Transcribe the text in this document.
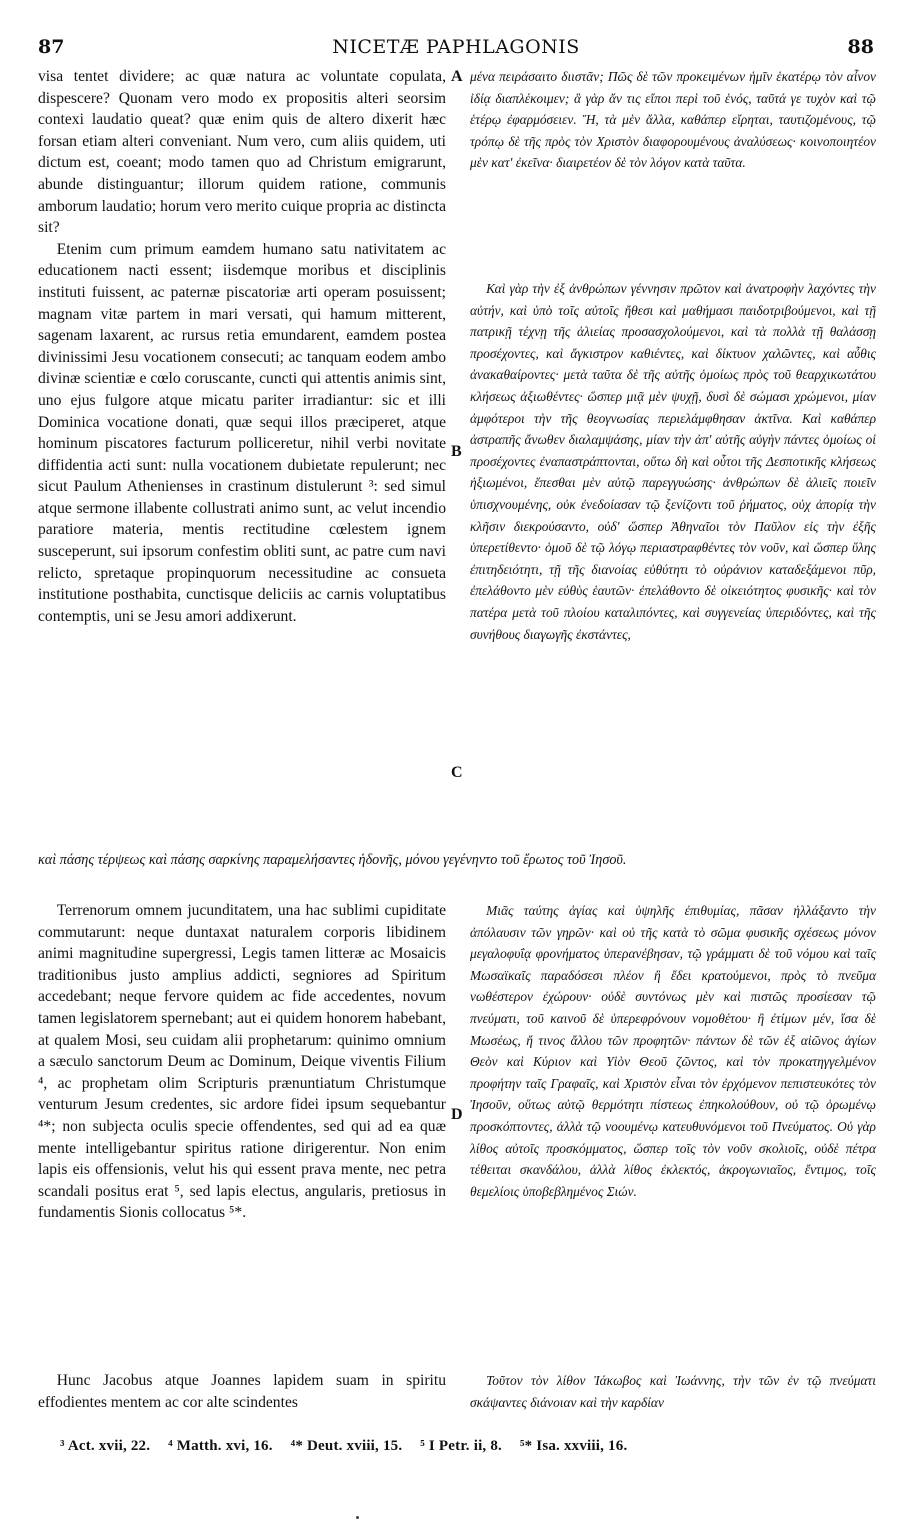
87	NICETÆ PAPHLAGONIS	88

visa tentet dividere; ac quæ natura ac voluntate copulata, dispescere? Quonam vero modo ex propositis alteri seorsim contexi laudatio queat? quæ enim quis de altero dixerit hæc forsan etiam alteri conveniant. Num vero, cum aliis quidem, uti dictum est, coeant; modo tamen quo ad Christum emigrarunt, abunde distinguantur; illorum quidem ratione, communis amborum laudatio; horum vero merito cuique propria ac distincta sit?

Etenim cum primum eamdem humano satu nativitatem ac educationem nacti essent; iisdemque moribus et disciplinis instituti fuissent, ac paternæ piscatoriæ arti operam posuissent; magnam vitæ partem in mari versati, qui hamum mitterent, sagenam laxarent, ac rursus retia emundarent, eamdem postea divinissimi Jesu vocationem consecuti; ac tanquam eodem ambo divinæ scientiæ e cœlo coruscante, cuncti qui attentis animis sint, uno ejus fulgore atque micatu pariter irradiantur: sic et illi Dominica vocatione donati, quæ sequi illos præciperet, atque hominum piscatores facturum polliceretur, nihil verbi novitate diffidentia acti sunt: nulla vocationem dubietate repulerunt; nec sicut Paulum Athenienses in crastinum distulerunt ³: sed simul atque sermone illabente collustrati animo sunt, ac velut incendio paratiore materia, mentis rectitudine cœlestem ignem susceperunt, sui ipsorum confestim obliti sunt, ac patre cum navi relicto, spretaque propinquorum necessitudine ac consueta institutione posthabita, cunctisque deliciis ac carnis voluptatibus contemptis, uni se Jesu amori addixerunt.

Terrenorum omnem jucunditatem, una hac sublimi cupiditate commutarunt: neque duntaxat naturalem corporis libidinem animi magnitudine supergressi, Legis tamen litteræ ac Mosaicis traditionibus justo amplius addicti, segniores ad Spiritum accedebant; neque fervore quidem ac fide accedentes, novum tamen legislatorem spernebant; aut ei quidem honorem habebant, at qualem Mosi, seu cuidam alii prophetarum: quinimo omnium a sæculo sanctorum Deum ac Dominum, Deique viventis Filium ⁴, ac prophetam olim Scripturis prænuntiatum Christumque venturum Jesum credentes, sic ardore fidei ipsum sequebantur ⁴*; non subjecta oculis specie offendentes, sed qui ad ea quæ mente intelligebantur spiritus ratione dirigerentur. Non enim lapis eis offensionis, velut his qui essent prava mente, nec petra scandali positus erat ⁵, sed lapis electus, angularis, pretiosus in fundamentis Sionis collocatus ⁵*.

Hunc Jacobus atque Joannes lapidem suam in spiritu effodientes mentem ac cor alte scindentes

A
B
C
D

μένα πειράσαιτο διιστᾶν; Πῶς δὲ τῶν προκειμένων ἡμῖν ἑκατέρῳ τὸν αἶνον ἰδίᾳ διαπλέκοιμεν; ἃ γὰρ ἄν τις εἴποι περὶ τοῦ ἑνός, ταῦτά γε τυχὸν καὶ τῷ ἑτέρῳ ἐφαρμόσειεν. Ἤ, τὰ μὲν ἄλλα, καθάπερ εἴρηται, ταυτιζομένους, τῷ τρόπῳ δὲ τῆς πρὸς τὸν Χριστὸν διαφορουμένους ἀναλύσεως· κοινοποιητέον μὲν κατ' ἐκεῖνα· διαιρετέον δὲ τὸν λόγον κατὰ ταῦτα.

Καὶ γὰρ τὴν ἐξ ἀνθρώπων γέννησιν πρῶτον καὶ ἀνατροφὴν λαχόντες τὴν αὐτήν, καὶ ὑπὸ τοῖς αὐτοῖς ἤθεσι καὶ μαθήμασι παιδοτριβούμενοι, καὶ τῇ πατρικῇ τέχνῃ τῆς ἁλιείας προσασχολούμενοι, καὶ τὰ πολλὰ τῇ θαλάσσῃ προσέχοντες, καὶ ἄγκιστρον καθιέντες, καὶ δίκτυον χαλῶντες, καὶ αὖθις ἀνακαθαίροντες· μετὰ ταῦτα δὲ τῆς αὐτῆς ὁμοίως πρὸς τοῦ θεαρχικωτάτου κλήσεως ἀξιωθέντες· ὥσπερ μιᾷ μὲν ψυχῇ, δυσὶ δὲ σώμασι χρώμενοι, μίαν ἀμφότεροι τὴν τῆς θεογνωσίας περιελάμφθησαν ἀκτῖνα. Καὶ καθάπερ ἀστραπῆς ἄνωθεν διαλαμψάσης, μίαν τὴν ἀπ' αὐτῆς αὐγὴν πάντες ὁμοίως οἱ προσέχοντες ἐναπαστράπτονται, οὕτω δὴ καὶ οὗτοι τῆς Δεσποτικῆς κλήσεως ἠξιωμένοι, ἕπεσθαι μὲν αὐτῷ παρεγγυώσης· ἀνθρώπων δὲ ἁλιεῖς ποιεῖν ὑπισχνουμένης, οὐκ ἐνεδοίασαν τῷ ξενίζοντι τοῦ ῥήματος, οὐχ ἀπορίᾳ τὴν κλῆσιν διεκρούσαντο, οὐδ' ὥσπερ Ἀθηναῖοι τὸν Παῦλον εἰς τὴν ἐξῆς ὑπερετίθεντο· ὁμοῦ δὲ τῷ λόγῳ περιαστραφθέντες τὸν νοῦν, καὶ ὥσπερ ὕλης ἐπιτηδειότητι, τῇ τῆς διανοίας εὐθύτητι τὸ οὐράνιον καταδεξάμενοι πῦρ, ἐπελάθοντο μὲν εὐθὺς ἑαυτῶν· ἐπελάθοντο δὲ οἰκειότητος φυσικῆς· καὶ τὸν πατέρα μετὰ τοῦ πλοίου καταλιπόντες, καὶ συγγενείας ὑπεριδόντες, καὶ τῆς συνήθους διαγωγῆς ἐκστάντες,

καὶ πάσης τέρψεως καὶ πάσης σαρκίνης παραμελήσαντες ἡδονῆς, μόνου γεγένηντο τοῦ ἔρωτος τοῦ Ἰησοῦ.

Μιᾶς ταύτης ἁγίας καὶ ὑψηλῆς ἐπιθυμίας, πᾶσαν ἠλλάξαντο τὴν ἀπόλαυσιν τῶν γηρῶν· καὶ οὐ τῆς κατὰ τὸ σῶμα φυσικῆς σχέσεως μόνον μεγαλοφυΐᾳ φρονήματος ὑπερανέβησαν, τῷ γράμματι δὲ τοῦ νόμου καὶ ταῖς Μωσαϊκαῖς παραδόσεσι πλέον ἢ ἔδει κρατούμενοι, πρὸς τὸ πνεῦμα νωθέστερον ἐχώρουν· οὐδὲ συντόνως μὲν καὶ πιστῶς προσίεσαν τῷ πνεύματι, τοῦ καινοῦ δὲ ὑπερεφρόνουν νομοθέτου· ἢ ἐτίμων μέν, ἴσα δὲ Μωσέως, ἤ τινος ἄλλου τῶν προφητῶν· πάντων δὲ τῶν ἐξ αἰῶνος ἁγίων Θεὸν καὶ Κύριον καὶ Υἱὸν Θεοῦ ζῶντος, καὶ τὸν προκατηγγελμένον προφήτην ταῖς Γραφαῖς, καὶ Χριστὸν εἶναι τὸν ἐρχόμενον πεπιστευκότες τὸν Ἰησοῦν, οὕτως αὐτῷ θερμότητι πίστεως ἐπηκολούθουν, οὐ τῷ ὁρωμένῳ προσκόπτοντες, ἀλλὰ τῷ νοουμένῳ κατευθυνόμενοι τοῦ Πνεύματος. Οὐ γὰρ λίθος αὐτοῖς προσκόμματος, ὥσπερ τοῖς τὸν νοῦν σκολιοῖς, οὐδὲ πέτρα τέθειται σκανδάλου, ἀλλὰ λίθος ἐκλεκτός, ἀκρογωνιαῖος, ἔντιμος, τοῖς θεμελίοις ὑποβεβλημένος Σιών.

Τοῦτον τὸν λίθον Ἰάκωβος καὶ Ἰωάννης, τὴν τῶν ἐν τῷ πνεύματι σκάψαντες διάνοιαν καὶ τὴν καρδίαν

³ Act. xvii, 22. ⁴ Matth. xvi, 16. ⁴* Deut. xviii, 15. ⁵ I Petr. ii, 8. ⁵* Isa. xxviii, 16.
